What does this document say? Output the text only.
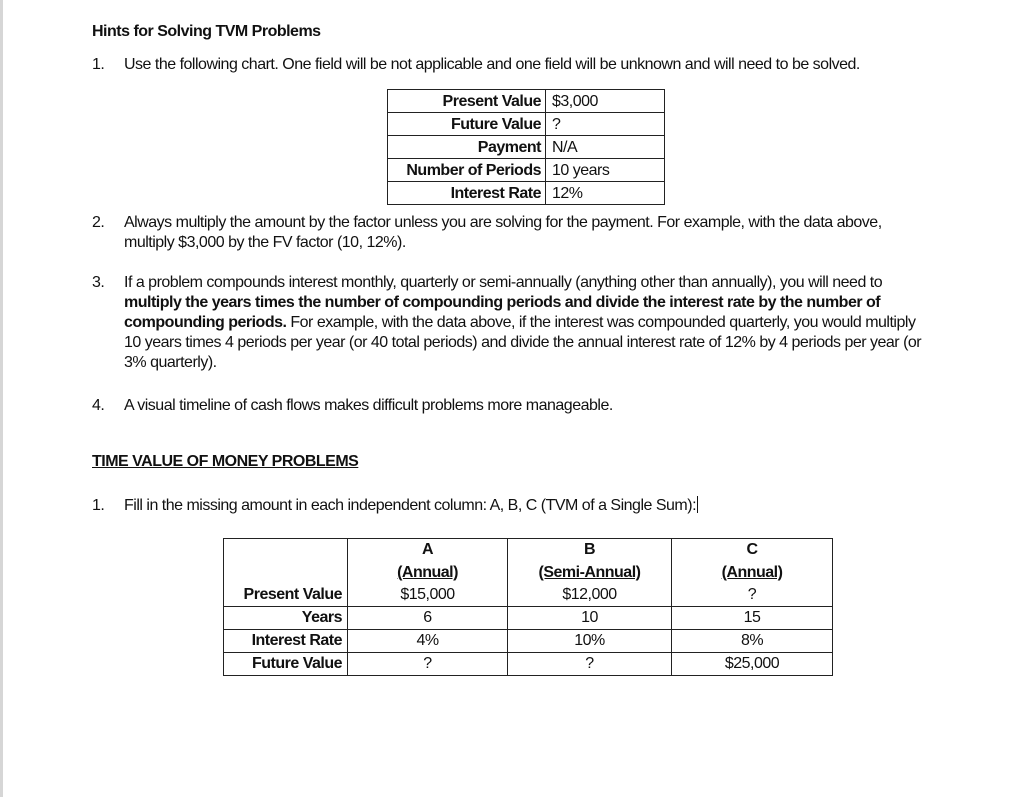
Hints for Solving TVM Problems
1. Use the following chart. One field will be not applicable and one field will be unknown and will need to be solved.
Present Value	$3,000
Future Value	?
Payment	N/A
Number of Periods	10 years
Interest Rate	12%
2. Always multiply the amount by the factor unless you are solving for the payment. For example, with the data above,
multiply $3,000 by the FV factor (10, 12%).
3. If a problem compounds interest monthly, quarterly or semi-annually (anything other than annually), you will need to
multiply the years times the number of compounding periods and divide the interest rate by the number of
compounding periods. For example, with the data above, if the interest was compounded quarterly, you would multiply
10 years times 4 periods per year (or 40 total periods) and divide the annual interest rate of 12% by 4 periods per year (or
3% quarterly).
4. A visual timeline of cash flows makes difficult problems more manageable.
TIME VALUE OF MONEY PROBLEMS
1. Fill in the missing amount in each independent column: A, B, C (TVM of a Single Sum):
	A	B	C
	(Annual)	(Semi-Annual)	(Annual)
Present Value	$15,000	$12,000	?
Years	6	10	15
Interest Rate	4%	10%	8%
Future Value	?	?	$25,000
